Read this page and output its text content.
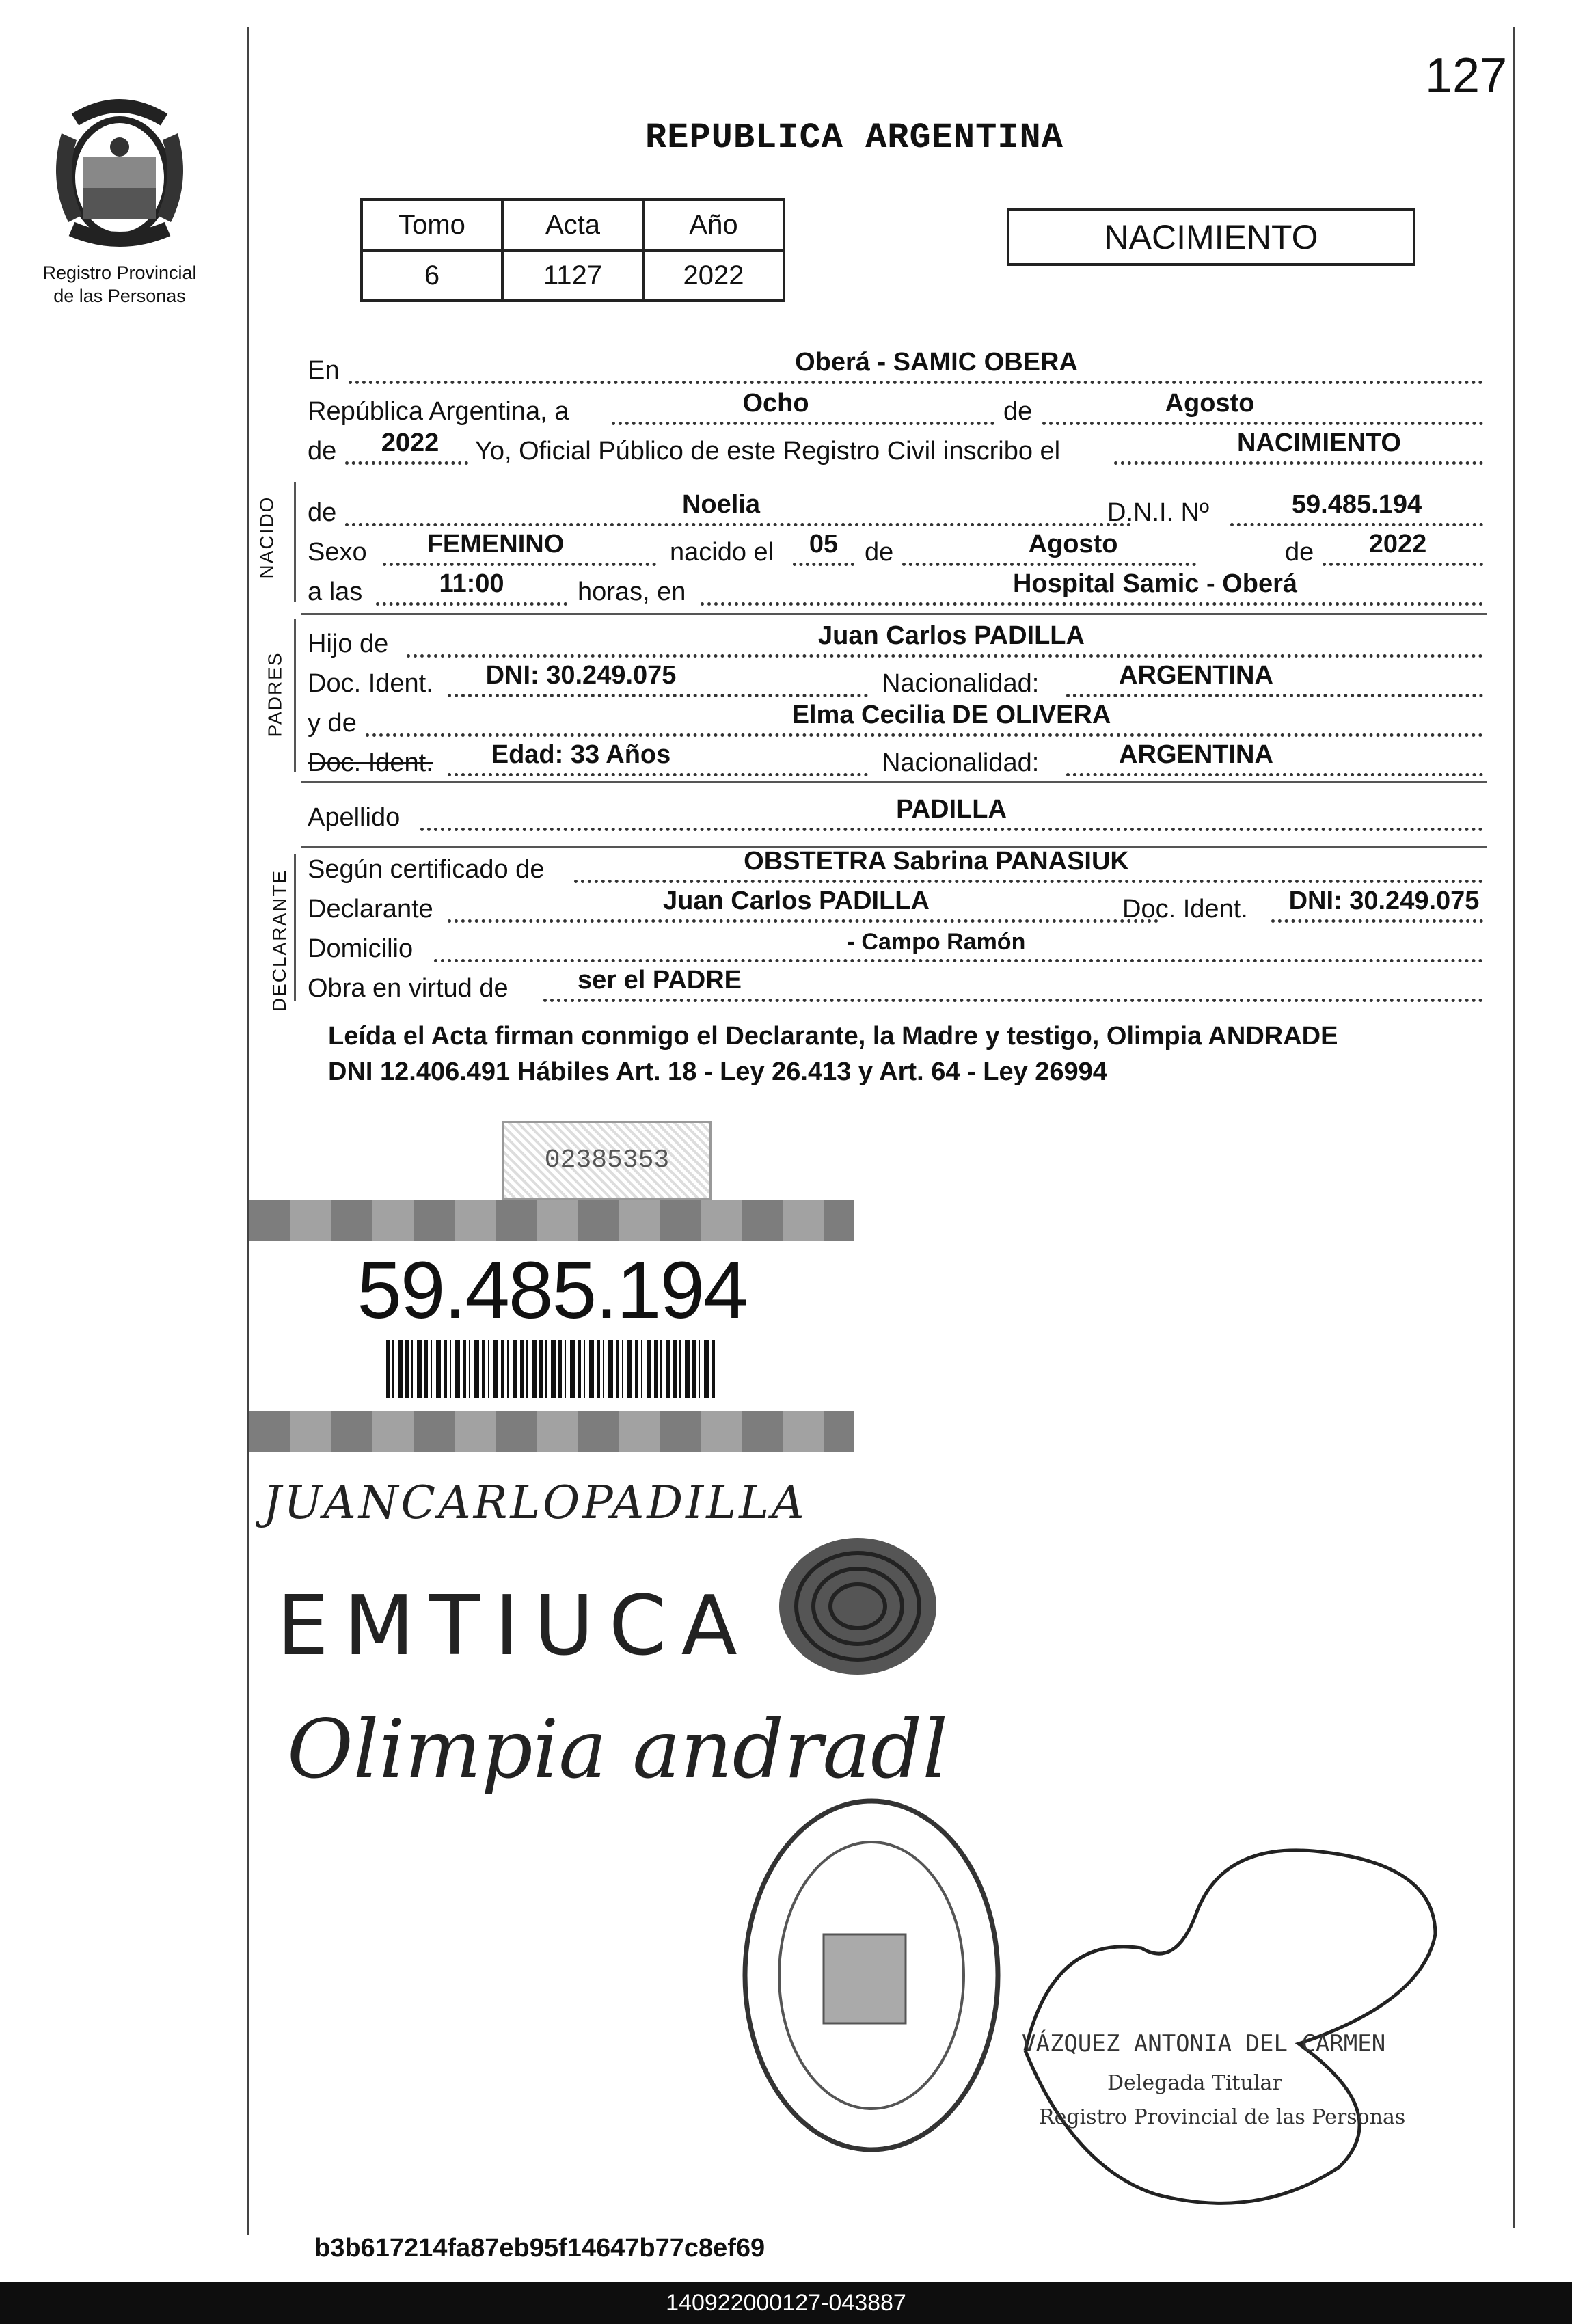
127
Registro Provincial
de las Personas
REPUBLICA ARGENTINA
Tomo	Acta	Año
6	1127	2022
NACIMIENTO
En	Oberá - SAMIC OBERA
República Argentina, a	Ocho	de	Agosto
de 2022 Yo, Oficial Público de este Registro Civil inscribo el	NACIMIENTO
NACIDO de	Noelia	D.N.I. Nº	59.485.194
Sexo FEMENINO	nacido el 05 de	Agosto	de 2022
a las	11:00	horas, en	Hospital Samic - Oberá
PADRES
Hijo de	Juan Carlos PADILLA
Doc. Ident. DNI: 30.249.075	Nacionalidad:	ARGENTINA
y de	Elma Cecilia DE OLIVERA
Doc. Ident. Edad: 33 Años	Nacionalidad:	ARGENTINA
Apellido	PADILLA
DECLARANTE Según certificado de	OBSTETRA Sabrina PANASIUK
Declarante	Juan Carlos PADILLA	Doc. Ident. DNI: 30.249.075
Domicilio	- Campo Ramón
Obra en virtud de	ser el PADRE
Leída el Acta firman conmigo el Declarante, la Madre y testigo, Olimpia ANDRADE
DNI 12.406.491 Hábiles Art. 18 - Ley 26.413 y Art. 64 - Ley 26994
02385353
59.485.194
JUANCARLOPADILLA
EMTIUCA
Olimpia andradl
VÁZQUEZ ANTONIA DEL CARMEN
Delegada Titular
Registro Provincial de las Personas
b3b617214fa87eb95f14647b77c8ef69
140922000127-043887
